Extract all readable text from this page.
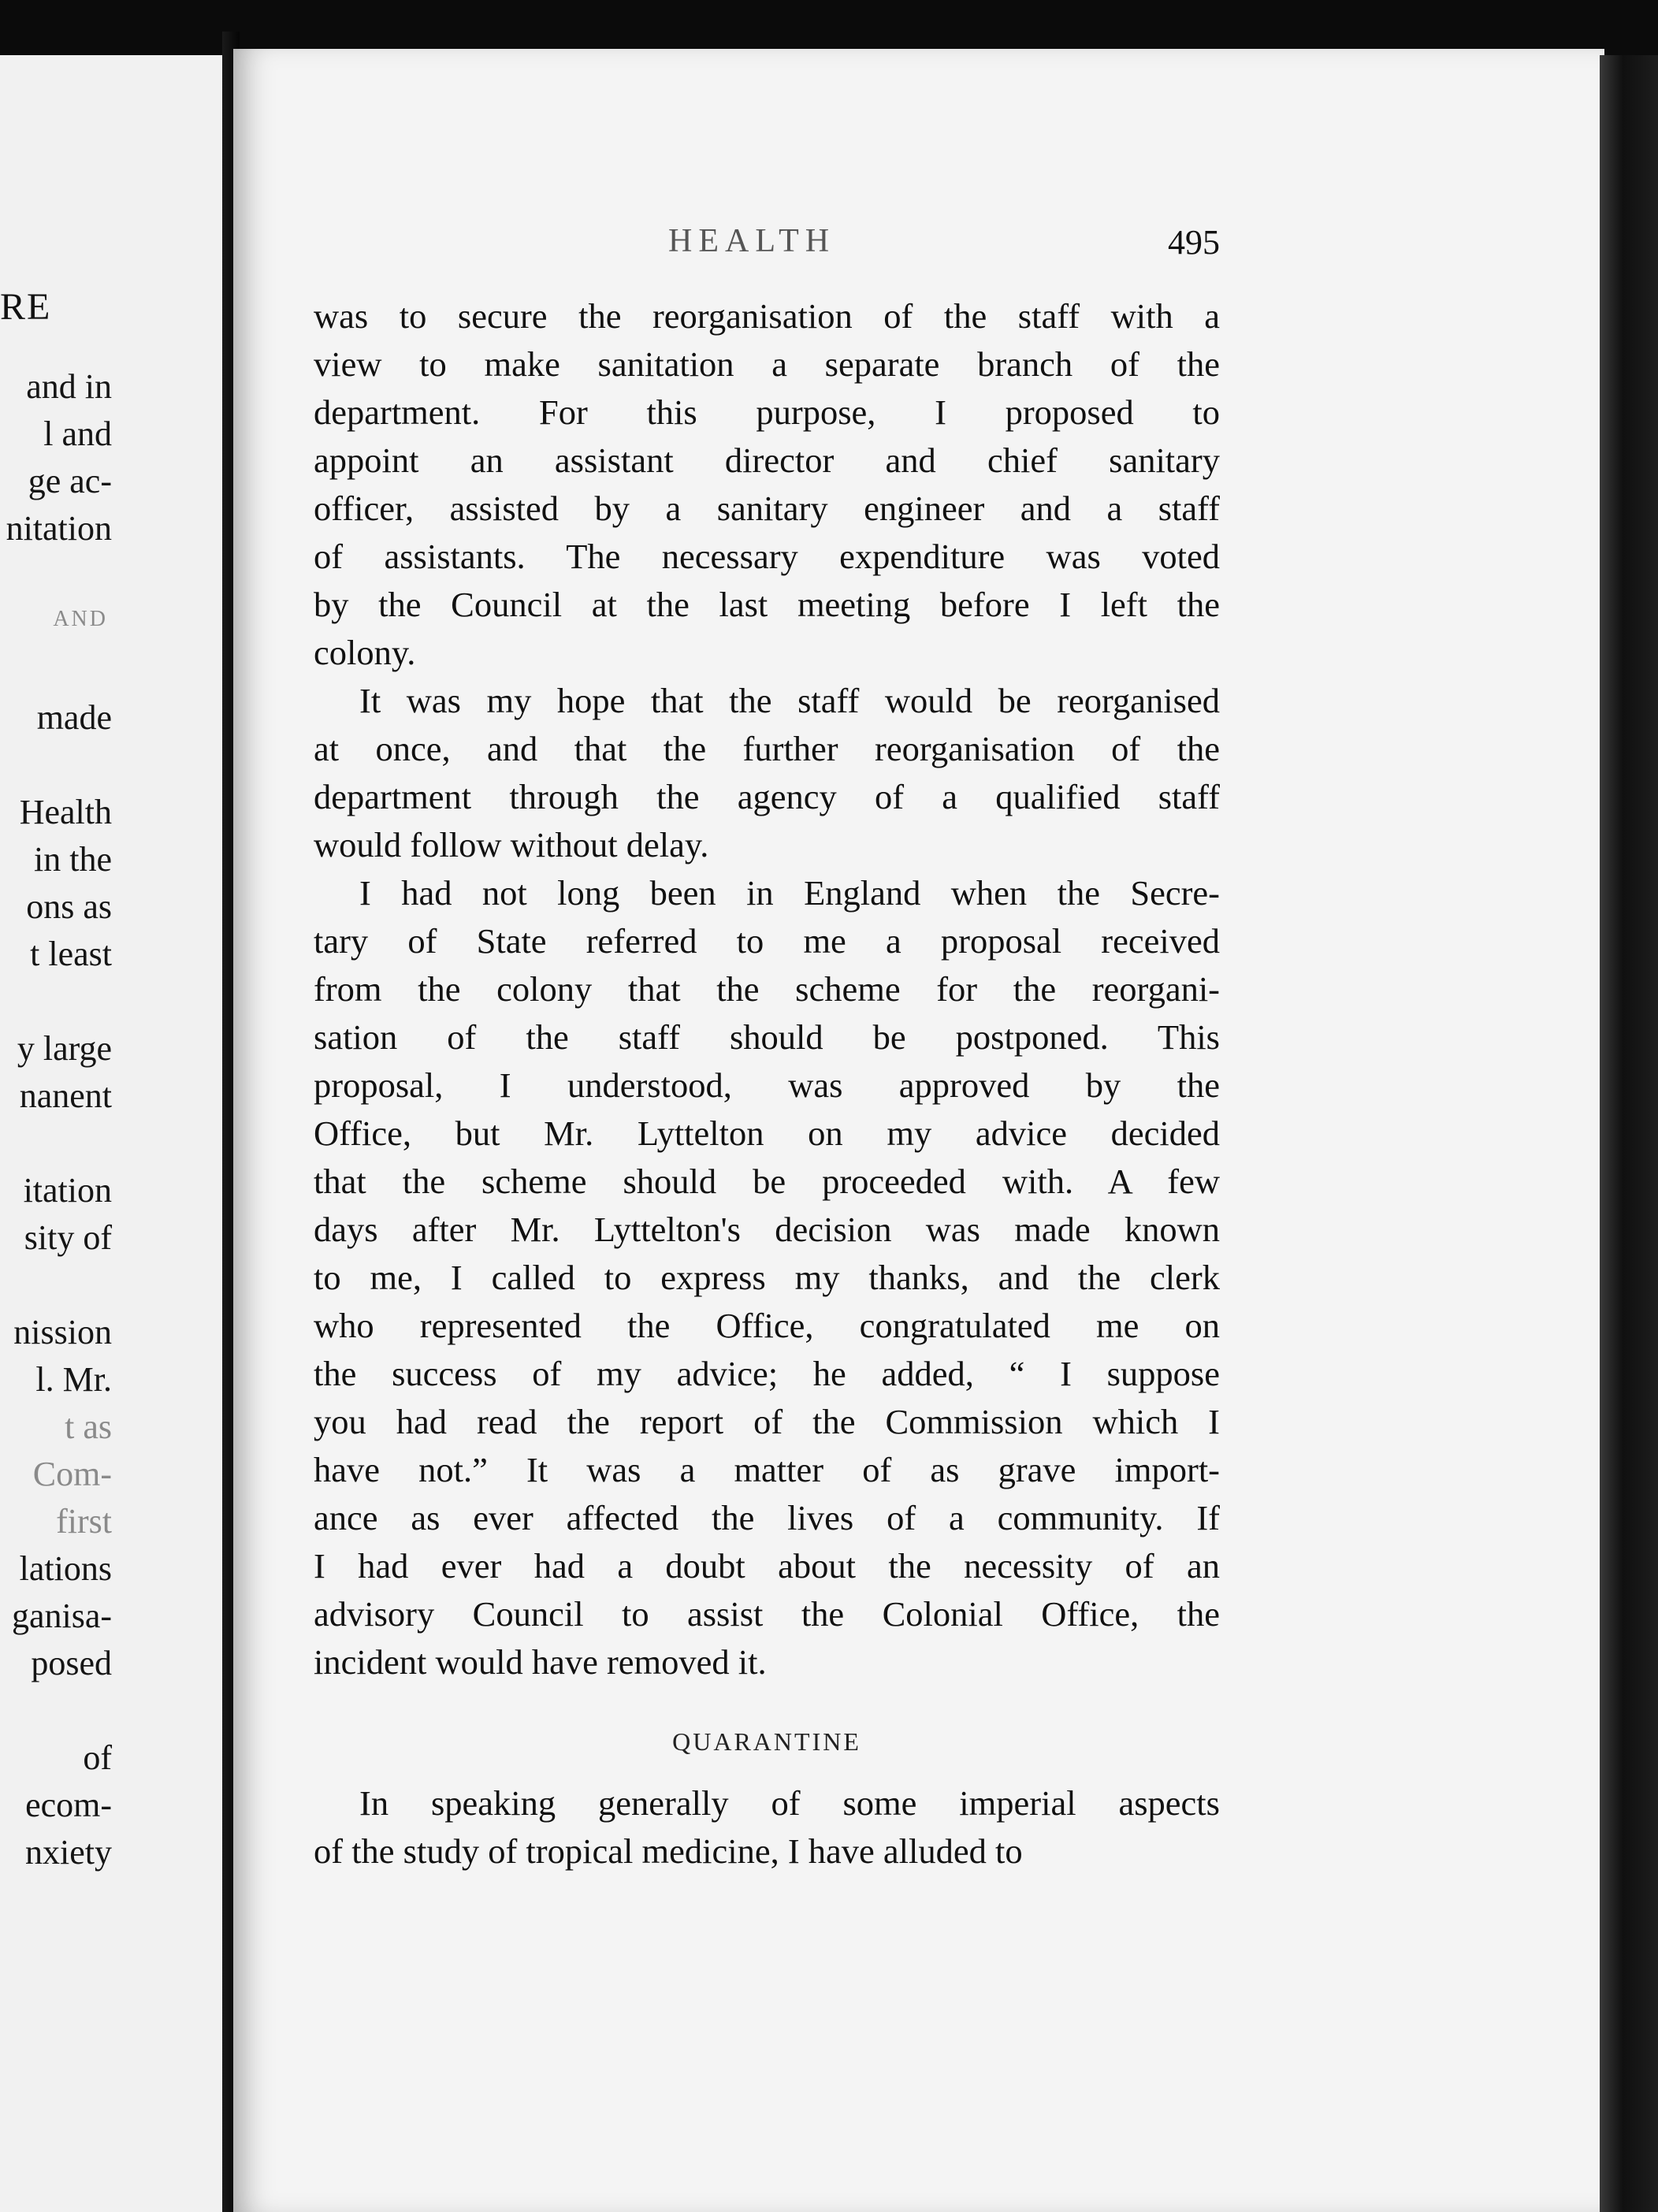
RE
and in
l and
ge ac-
nitation
AND
made
Health
in the
ons as
t least
y large
nanent
itation
sity of
nission
l. Mr.
t as
Com-
first
lations
ganisa-
posed
of
ecom-
nxiety
HEALTH	495
was to secure the reorganisation of the staff with a
view to make sanitation a separate branch of the
department. For this purpose, I proposed to
appoint an assistant director and chief sanitary
officer, assisted by a sanitary engineer and a staff
of assistants. The necessary expenditure was voted
by the Council at the last meeting before I left the
colony.
It was my hope that the staff would be reorganised
at once, and that the further reorganisation of the
department through the agency of a qualified staff
would follow without delay.
I had not long been in England when the Secre-
tary of State referred to me a proposal received
from the colony that the scheme for the reorgani-
sation of the staff should be postponed. This
proposal, I understood, was approved by the
Office, but Mr. Lyttelton on my advice decided
that the scheme should be proceeded with. A few
days after Mr. Lyttelton's decision was made known
to me, I called to express my thanks, and the clerk
who represented the Office, congratulated me on
the success of my advice; he added, “ I suppose
you had read the report of the Commission which I
have not.” It was a matter of as grave import-
ance as ever affected the lives of a community. If
I had ever had a doubt about the necessity of an
advisory Council to assist the Colonial Office, the
incident would have removed it.
QUARANTINE
In speaking generally of some imperial aspects
of the study of tropical medicine, I have alluded to
